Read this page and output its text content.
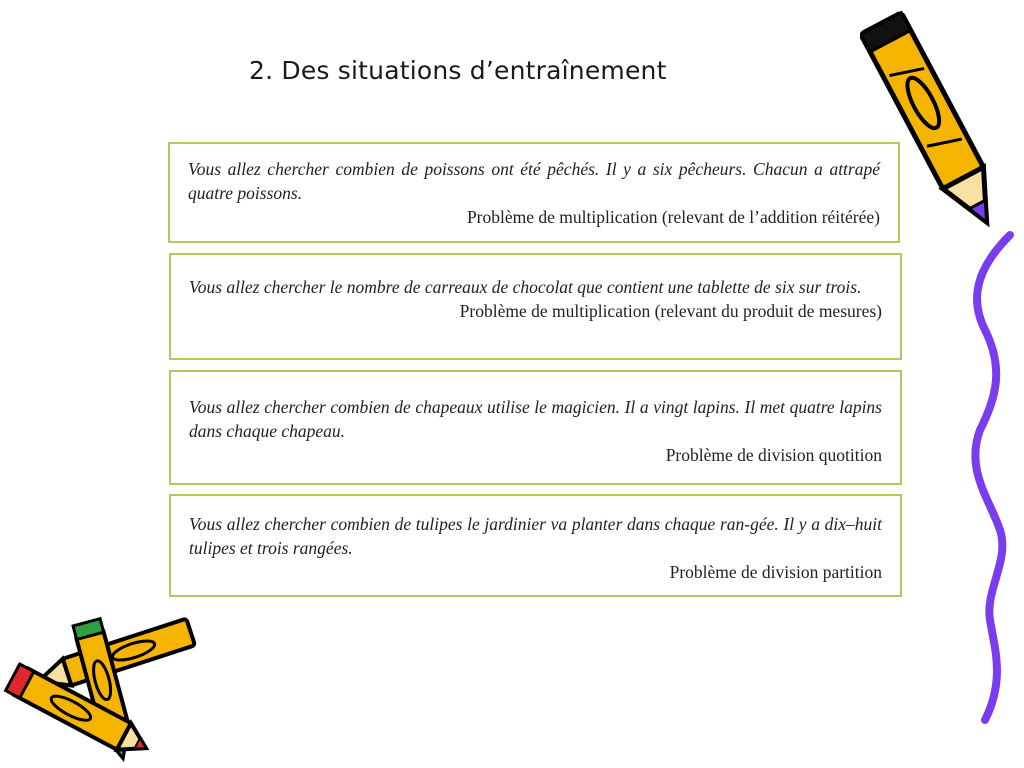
2. Des situations d’entraînement
Vous allez chercher combien de poissons ont été pêchés. Il y a six pêcheurs. Chacun a attrapé quatre poissons.
Problème de multiplication (relevant de l’addition réitérée)
Vous allez chercher le nombre de carreaux de chocolat que contient une tablette de six sur trois.
Problème de multiplication (relevant du produit de mesures)
Vous allez chercher combien de chapeaux utilise le magicien. Il a vingt lapins. Il met quatre lapins dans chaque chapeau.
Problème de division quotition
Vous allez chercher combien de tulipes le jardinier va planter dans chaque ran-gée. Il y a dix–huit tulipes et trois rangées.
Problème de division partition
